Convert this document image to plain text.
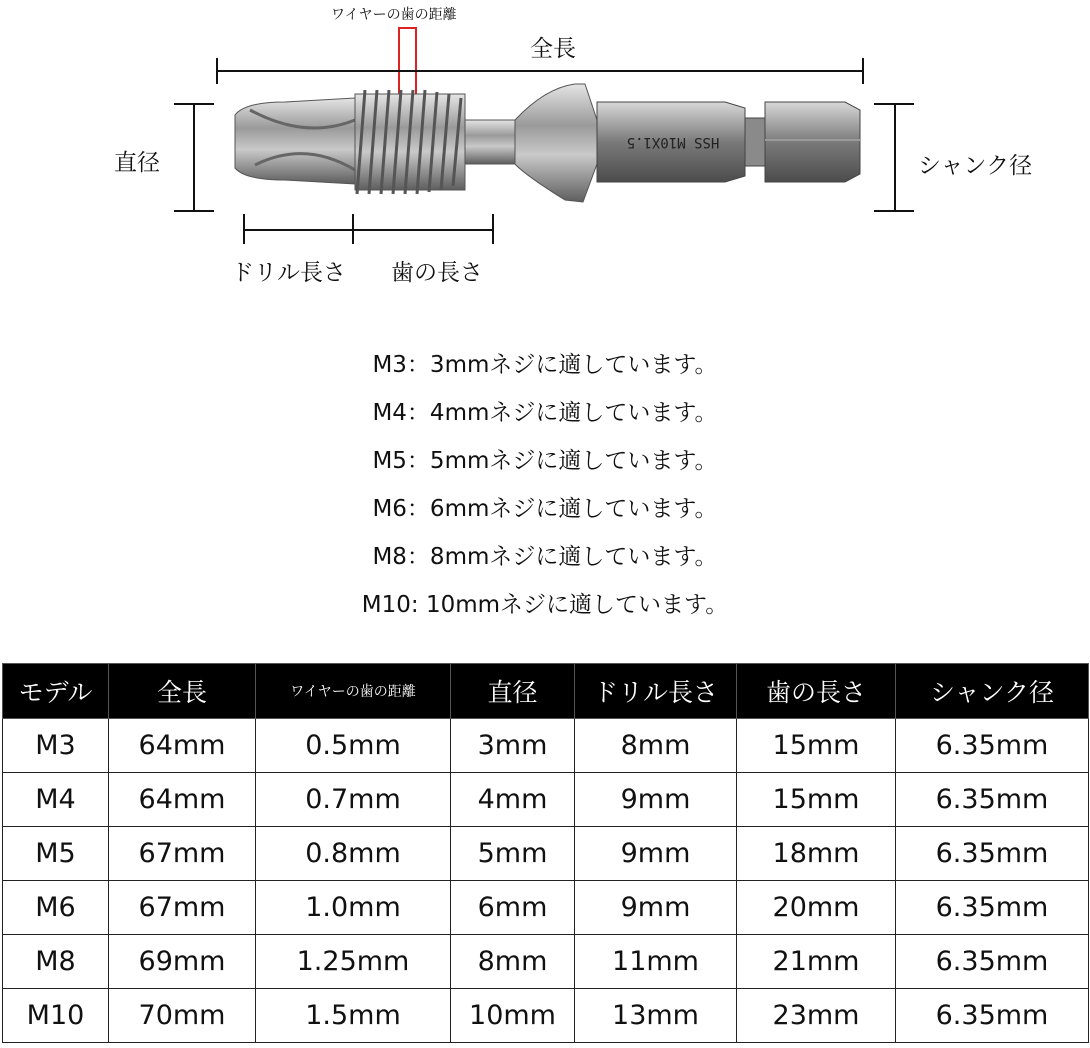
ワイヤーの歯の距離
全長
直径	シャンク径
ドリル長さ 歯の長さ
HSS M10X1.5
M3：3mmネジに適しています。
M4：4mmネジに適しています。
M5：5mmネジに適しています。
M6：6mmネジに適しています。
M8：8mmネジに適しています。
M10: 10mmネジに適しています。
モデル	全長	ワイヤーの歯の距離	直径	ドリル長さ	歯の長さ	シャンク径
M3	64mm	0.5mm	3mm	8mm	15mm	6.35mm
M4	64mm	0.7mm	4mm	9mm	15mm	6.35mm
M5	67mm	0.8mm	5mm	9mm	18mm	6.35mm
M6	67mm	1.0mm	6mm	9mm	20mm	6.35mm
M8	69mm	1.25mm	8mm	11mm	21mm	6.35mm
M10	70mm	1.5mm	10mm	13mm	23mm	6.35mm
